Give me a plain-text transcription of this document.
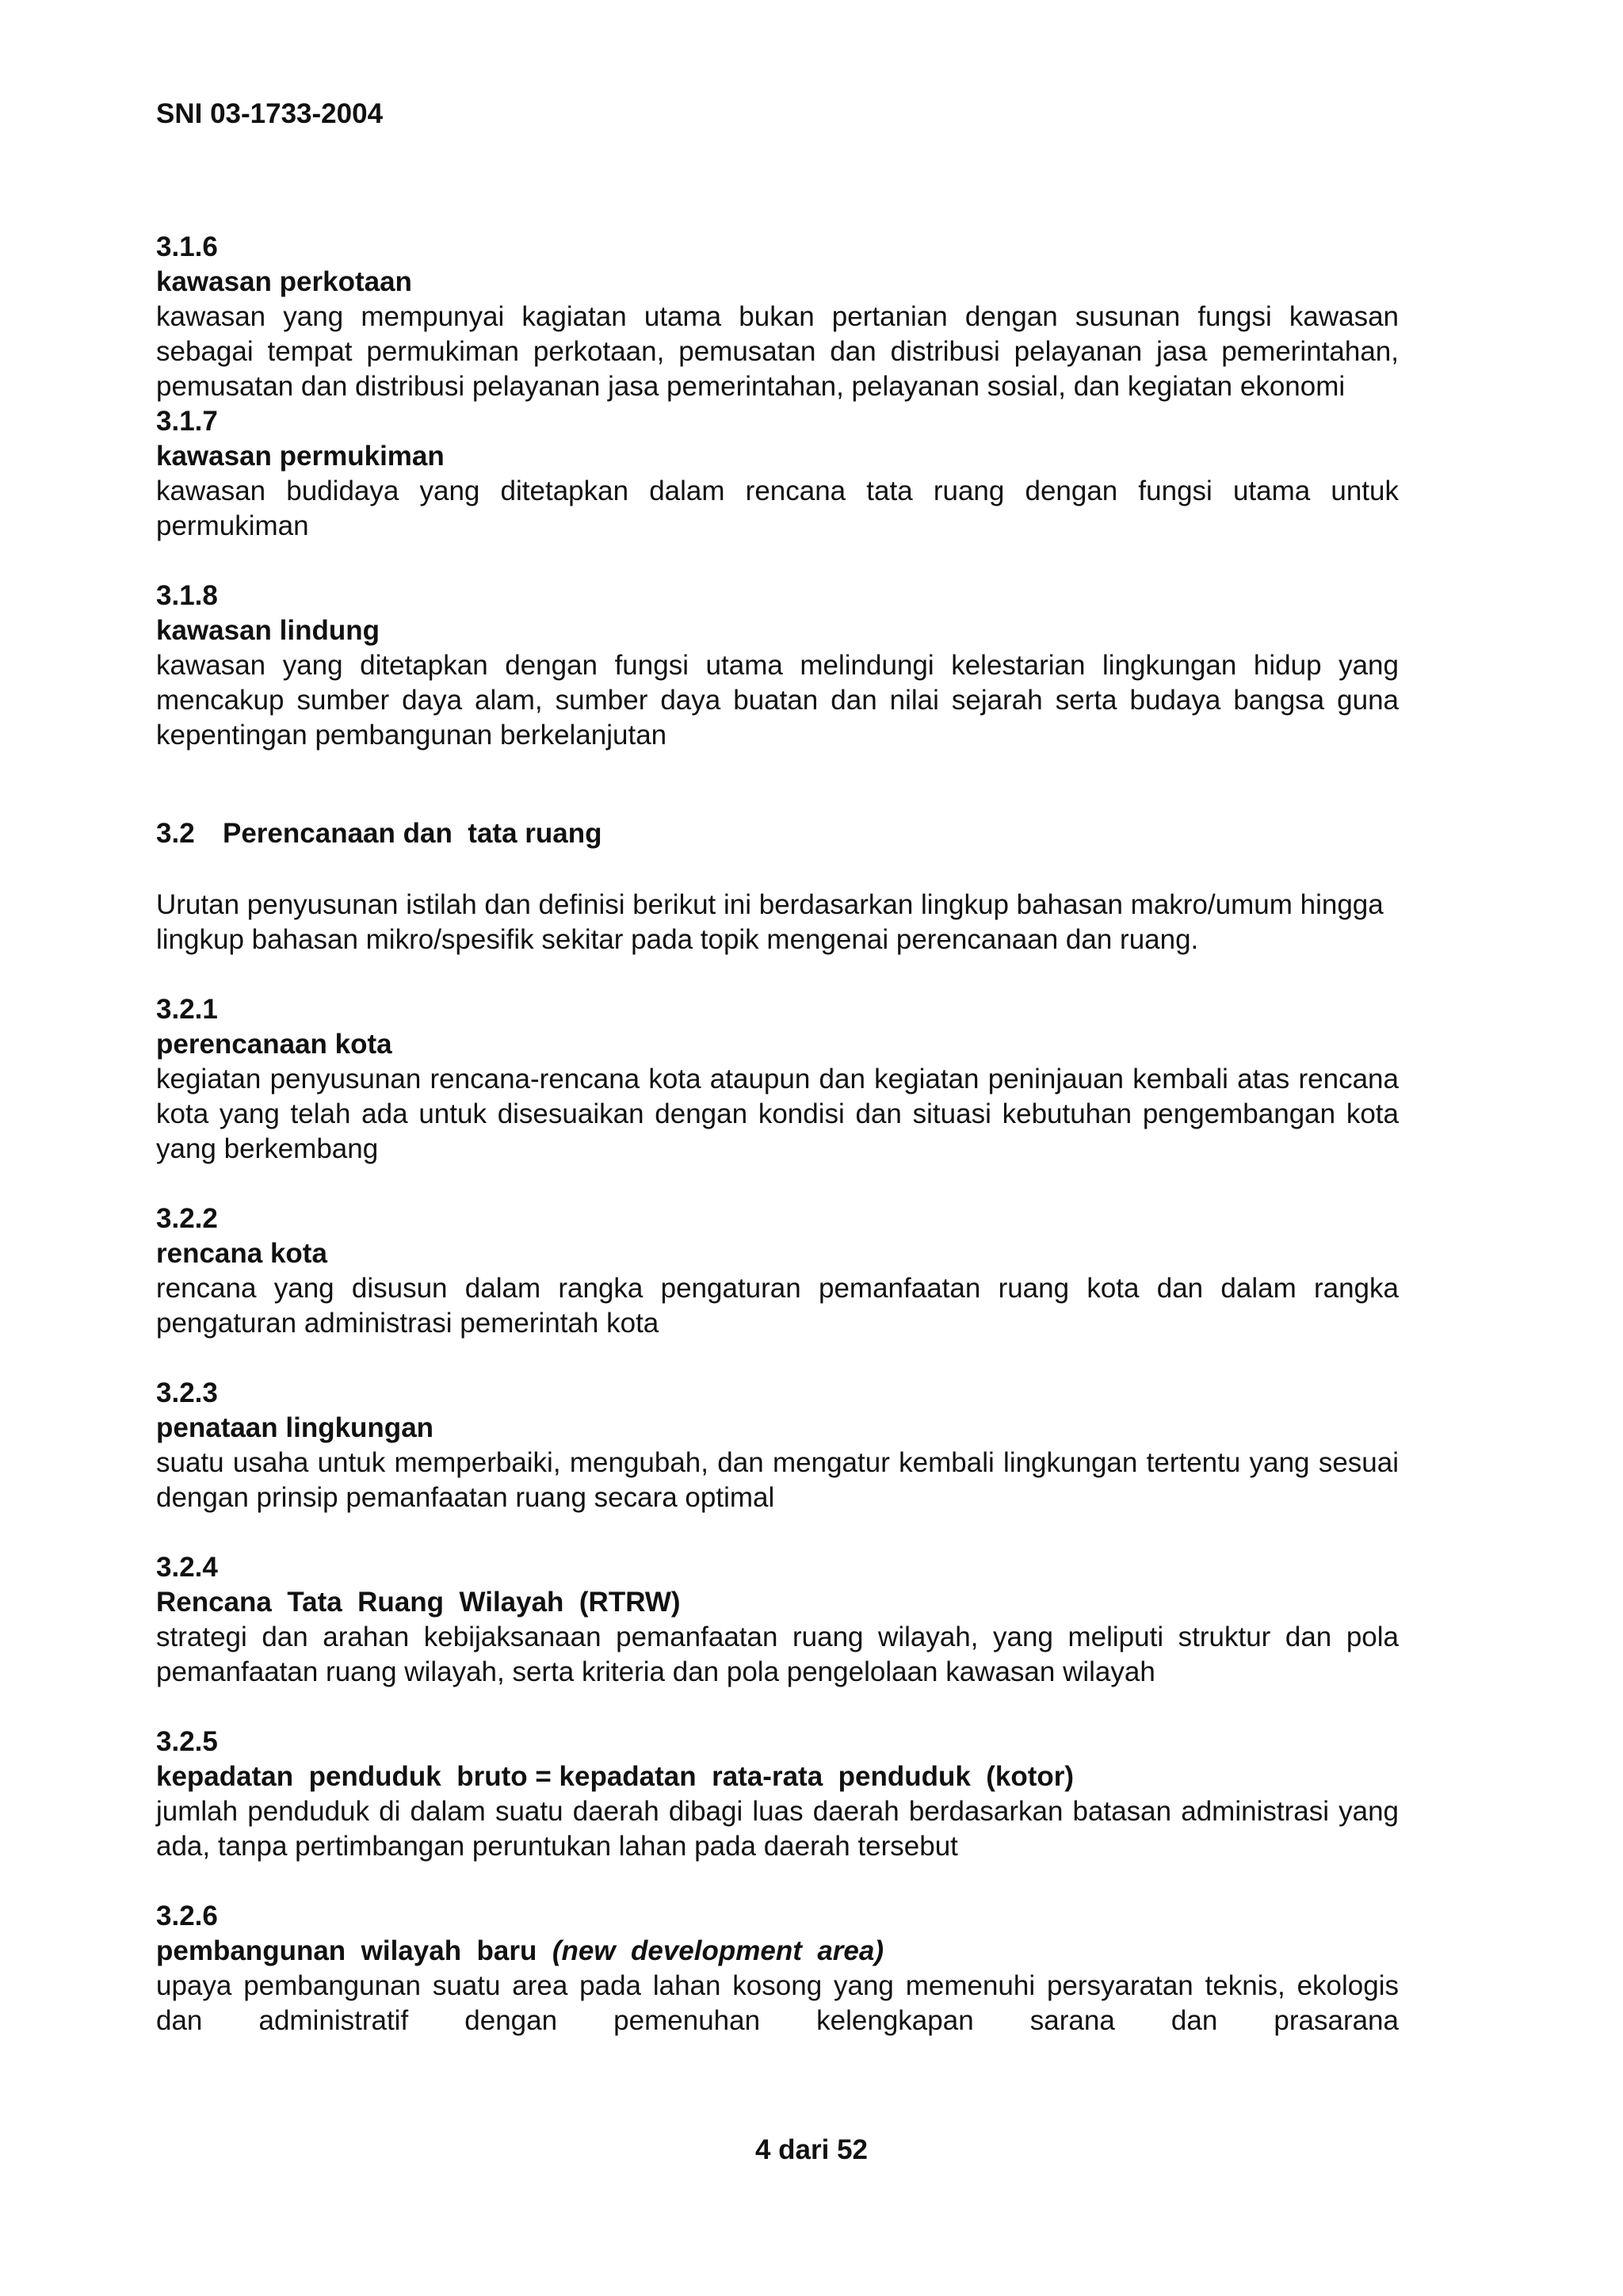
SNI 03-1733-2004
3.1.6
kawasan perkotaan
kawasan yang mempunyai kagiatan utama bukan pertanian dengan susunan fungsi kawasan sebagai tempat permukiman perkotaan, pemusatan dan distribusi pelayanan jasa pemerintahan, pemusatan dan distribusi pelayanan jasa pemerintahan, pelayanan sosial, dan kegiatan ekonomi
3.1.7
kawasan permukiman
kawasan budidaya yang ditetapkan dalam rencana tata ruang dengan fungsi utama untuk permukiman
3.1.8
kawasan lindung
kawasan yang ditetapkan dengan fungsi utama melindungi kelestarian lingkungan hidup yang mencakup sumber daya alam, sumber daya buatan dan nilai sejarah serta budaya bangsa guna kepentingan pembangunan berkelanjutan
3.2 Perencanaan dan  tata ruang
Urutan penyusunan istilah dan definisi berikut ini berdasarkan lingkup bahasan makro/umum hingga lingkup bahasan mikro/spesifik sekitar pada topik mengenai perencanaan dan ruang.
3.2.1
perencanaan kota
kegiatan penyusunan rencana-rencana kota ataupun dan kegiatan peninjauan kembali atas rencana kota yang telah ada untuk disesuaikan dengan kondisi dan situasi kebutuhan pengembangan kota yang berkembang
3.2.2
rencana kota
rencana yang disusun dalam rangka pengaturan pemanfaatan ruang kota dan dalam rangka pengaturan administrasi pemerintah kota
3.2.3
penataan lingkungan
suatu usaha untuk memperbaiki, mengubah, dan mengatur kembali lingkungan tertentu yang sesuai dengan prinsip pemanfaatan ruang secara optimal
3.2.4
Rencana  Tata  Ruang  Wilayah  (RTRW)
strategi dan arahan kebijaksanaan pemanfaatan ruang wilayah, yang meliputi struktur dan pola pemanfaatan ruang wilayah, serta kriteria dan pola pengelolaan kawasan wilayah
3.2.5
kepadatan  penduduk  bruto = kepadatan  rata-rata  penduduk  (kotor)
jumlah penduduk di dalam suatu daerah dibagi luas daerah berdasarkan batasan administrasi yang ada, tanpa pertimbangan peruntukan lahan pada daerah tersebut
3.2.6
pembangunan  wilayah  baru (new  development  area)
upaya pembangunan suatu area pada lahan kosong yang memenuhi persyaratan teknis, ekologis dan administratif dengan pemenuhan kelengkapan sarana dan prasarana
4 dari 52
